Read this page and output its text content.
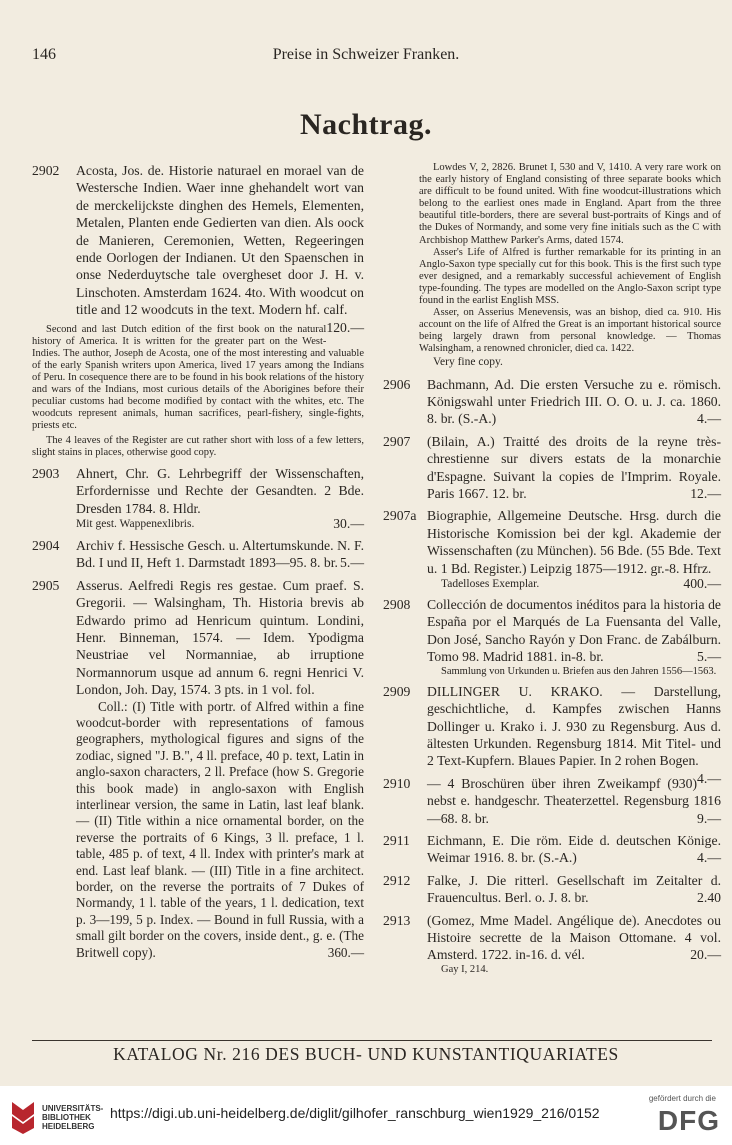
146	Preise in Schweizer Franken.
Nachtrag.
2902 Acosta, Jos. de. Historie naturael en morael van de Westersche Indien. Waer inne ghehandelt wort van de merckelijckste dinghen des Hemels, Elementen, Metalen, Planten ende Gedierten van dien. Als oock de Manieren, Ceremonien, Wetten, Regeeringen ende Oorlogen der Indianen. Ut den Spaenschen in onse Nederduytsche tale overgheset door J. H. v. Linschoten. Amsterdam 1624. 4to. With woodcut on title and 12 woodcuts in the text. Modern hf. calf.
120.—
Second and last Dutch edition of the first book on the natural history of America. It is written for the greater part on the West-Indies. The author, Joseph de Acosta, one of the most interesting and valuable of the early Spanish writers upon America, lived 17 years among the Indians of Peru. In cosequence there are to be found in his book relations of the history and wars of the Indians, most curious details of the Aborigines before their peculiar customs had become modified by contact with the whites, etc. The woodcuts represent animals, human sacrifices, pearl-fishery, single-fights, priests etc.
The 4 leaves of the Register are cut rather short with loss of a few letters, slight stains in places, otherwise good copy.
2903 Ahnert, Chr. G. Lehrbegriff der Wissenschaften, Erfordernisse und Rechte der Gesandten. 2 Bde. Dresden 1784. 8. Hldr.
Mit gest. Wappenexlibris.	30.—
2904 Archiv f. Hessische Gesch. u. Altertumskunde. N. F. Bd. I und II, Heft 1. Darmstadt 1893—95. 8. br. 5.—
2905 Asserus. Aelfredi Regis res gestae. Cum praef. S. Gregorii. — Walsingham, Th. Historia brevis ab Edwardo primo ad Henricum quintum. Londini, Henr. Binneman, 1574. — Idem. Ypodigma Neustriae vel Normanniae, ab irruptione Normannorum usque ad annum 6. regni Henrici V. London, Joh. Day, 1574. 3 pts. in 1 vol. fol.
Coll.: (I) Title with portr. of Alfred within a fine woodcut-border with representations of famous geographers, mythological figures and signs of the zodiac, signed "J. B.", 4 ll. preface, 40 p. text, Latin in anglo-saxon characters, 2 ll. Preface (how S. Gregorie this book made) in anglo-saxon with English interlinear version, the same in Latin, last leaf blank. — (II) Title within a nice ornamental border, on the reverse the portraits of 6 Kings, 3 ll. preface, 1 l. table, 485 p. of text, 4 ll. Index with printer's mark at end. Last leaf blank. — (III) Title in a fine architect. border, on the reverse the portraits of 7 Dukes of Normandy, 1 l. table of the years, 1 l. dedication, text p. 3—199, 5 p. Index. — Bound in full Russia, with a small gilt border on the covers, inside dent., g. e. (The Britwell copy).	360.—
Lowdes V, 2, 2826. Brunet I, 530 and V, 1410. A very rare work on the early history of England consisting of three separate books which are difficult to be found united. With fine woodcut-illustrations which belong to the earliest ones made in England. Apart from the three beautiful title-borders, there are several bust-portraits of Kings and of the Dukes of Normandy, and some very fine initials such as the C with Archbishop Matthew Parker's Arms, dated 1574.
Asser's Life of Alfred is further remarkable for its printing in an Anglo-Saxon type specially cut for this book. This is the first such type ever designed, and a remarkably successful achievement of English type-founding. The types are modelled on the Anglo-Saxon script type found in the earlist English MSS.
Asser, on Asserius Menevensis, was an bishop, died ca. 910. His account on the life of Alfred the Great is an important historical source being largely drawn from personal knowledge. — Thomas Walsingham, a renowned chronicler, died ca. 1422.
Very fine copy.
2906 Bachmann, Ad. Die ersten Versuche zu e. römisch. Königswahl unter Friedrich III. O. O. u. J. ca. 1860. 8. br. (S.-A.)	4.—
2907 (Bilain, A.) Traitté des droits de la reyne très-chrestienne sur divers estats de la monarchie d'Espagne. Suivant la copies de l'Imprim. Royale. Paris 1667. 12. br.	12.—
2907a Biographie, Allgemeine Deutsche. Hrsg. durch die Historische Komission bei der kgl. Akademie der Wissenschaften (zu München). 56 Bde. (55 Bde. Text u. 1 Bd. Register.) Leipzig 1875—1912. gr.-8. Hfrz.
Tadelloses Exemplar.	400.—
2908 Collección de documentos inéditos para la historia de España por el Marqués de La Fuensanta del Valle, Don José, Sancho Rayón y Don Franc. de Zabálburn. Tomo 98. Madrid 1881. in-8. br.	5.—
Sammlung von Urkunden u. Briefen aus den Jahren 1556—1563.
2909 DILLINGER U. KRAKO. — Darstellung, geschichtliche, d. Kampfes zwischen Hanns Dollinger u. Krako i. J. 930 zu Regensburg. Aus d. ältesten Urkunden. Regensburg 1814. Mit Titel- und 2 Text-Kupfern. Blaues Papier. In 2 rohen Bogen.
4.—
2910 — 4 Broschüren über ihren Zweikampf (930) nebst e. handgeschr. Theaterzettel. Regensburg 1816—68. 8. br.	9.—
2911 Eichmann, E. Die röm. Eide d. deutschen Könige. Weimar 1916. 8. br. (S.-A.)	4.—
2912 Falke, J. Die ritterl. Gesellschaft im Zeitalter d. Frauencultus. Berl. o. J. 8. br.	2.40
2913 (Gomez, Mme Madel. Angélique de). Anecdotes ou Histoire secrette de la Maison Ottomane. 4 vol. Amsterd. 1722. in-16. d. vél.	20.—
Gay I, 214.
KATALOG Nr. 216 DES BUCH- UND KUNSTANTIQUARIATES
UNIVERSITÄTS-
BIBLIOTHEK
HEIDELBERG
https://digi.ub.uni-heidelberg.de/diglit/gilhofer_ranschburg_wien1929_216/0152
gefördert durch die
DFG
